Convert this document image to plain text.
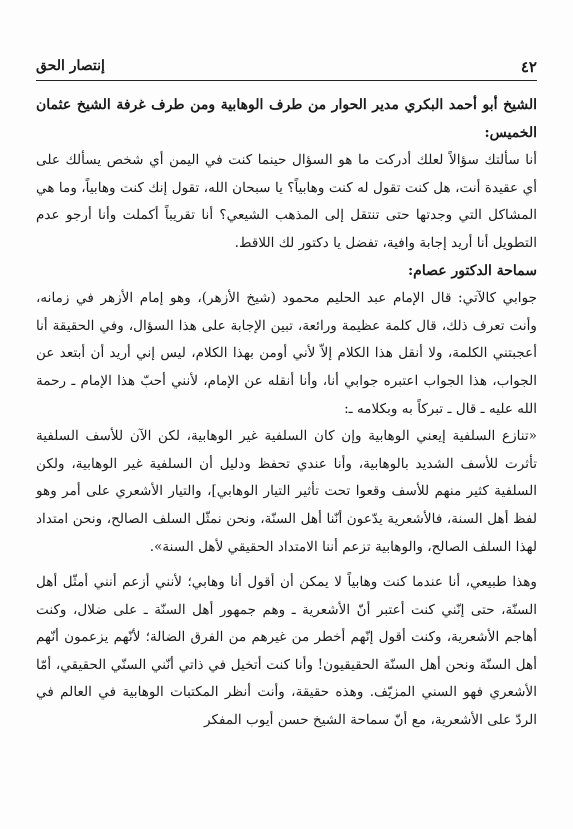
٤٢
إنتصار الحق

الشيخ أبو أحمد البكري مدير الحوار من طرف الوهابية ومن طرف غرفة الشيخ عثمان الخميس:

أنا سألتك سؤالاً لعلك أدركت ما هو السؤال حينما كنت في اليمن أي شخص يسألك على أي عقيدة أنت، هل كنت تقول له كنت وهابياً؟ يا سبحان الله، تقول إنك كنت وهابياً، وما هي المشاكل التي وجدتها حتى تنتقل إلى المذهب الشيعي؟ أنا تقريباً أكملت وأنا أرجو عدم التطويل أنا أريد إجابة وافية، تفضل يا دكتور لك اللاقط.

سماحة الدكتور عصام:

جوابي كالآتي: قال الإمام عبد الحليم محمود (شيخ الأزهر)، وهو إمام الأزهر في زمانه، وأنت تعرف ذلك، قال كلمة عظيمة ورائعة، تبين الإجابة على هذا السؤال، وفي الحقيقة أنا أعجبتني الكلمة، ولا أنقل هذا الكلام إلاّ لأني أومن بهذا الكلام، ليس إني أريد أن أبتعد عن الجواب، هذا الجواب اعتبره جوابي أنا، وأنا أنقله عن الإمام، لأنني أحبّ هذا الإمام ـ رحمة الله عليه ـ قال ـ تبركاً به وبكلامه ـ:

«تنازع السلفية إيعني الوهابية وإن كان السلفية غير الوهابية، لكن الآن للأسف السلفية تأثرت للأسف الشديد بالوهابية، وأنا عندي تحفظ ودليل أن السلفية غير الوهابية، ولكن السلفية كثير منهم للأسف وقعوا تحت تأثير التيار الوهابي]، والتيار الأشعري على أمر وهو لفظ أهل السنة، فالأشعرية يدّعون أنّنا أهل السنّة، ونحن نمثّل السلف الصالح، ونحن امتداد لهذا السلف الصالح، والوهابية تزعم أننا الامتداد الحقيقي لأهل السنة».

وهذا طبيعي، أنا عندما كنت وهابياً لا يمكن أن أقول أنا وهابي؛ لأنني أزعم أنني أمثّل أهل السنّة، حتى إنّني كنت أعتبر أنّ الأشعرية ـ وهم جمهور أهل السنّة ـ على ضلال، وكنت أهاجم الأشعرية، وكنت أقول إنّهم أخطر من غيرهم من الفرق الضالة؛ لأنّهم يزعمون أنّهم أهل السنّة ونحن أهل السنّة الحقيقيون! وأنا كنت أتخيل في ذاتي أنّني السنّي الحقيقي، أمّا الأشعري فهو السني المزيّف. وهذه حقيقة، وأنت أنظر المكتبات الوهابية في العالم في الردّ على الأشعرية، مع أنّ سماحة الشيخ حسن أيوب المفكر
